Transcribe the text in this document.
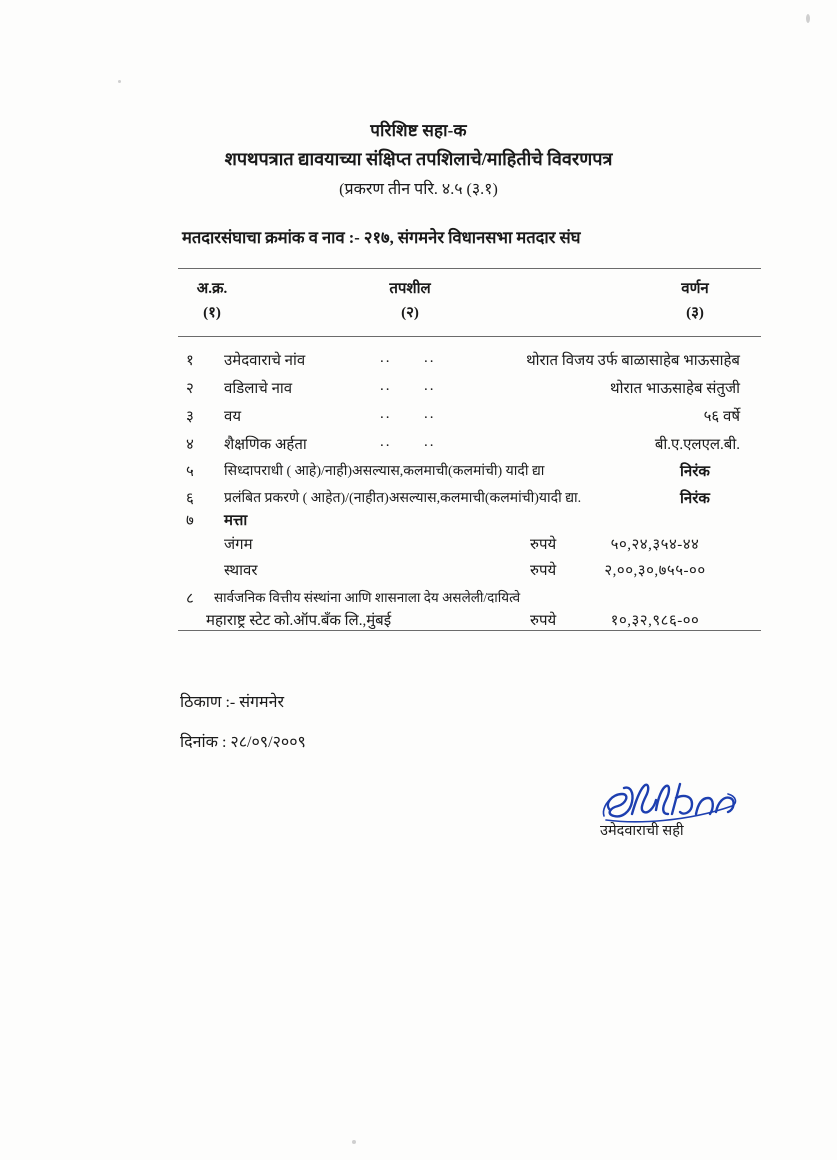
परिशिष्ट सहा-क
शपथपत्रात द्यावयाच्या संक्षिप्त तपशिलाचे/माहितीचे विवरणपत्र
(प्रकरण तीन परि. ४.५ (३.१)
मतदारसंघाचा क्रमांक व नाव :- २१७, संगमनेर विधानसभा मतदार संघ
अ.क्र.
(१)
तपशील
(२)
वर्णन
(३)
१ उमेदवाराचे नांव	.. ..	थोरात विजय उर्फ बाळासाहेब भाऊसाहेब
२ वडिलाचे नाव	.. ..	थोरात भाऊसाहेब संतुजी
३ वय	.. ..	५६ वर्षे
४ शैक्षणिक अर्हता	.. ..	बी.ए.एलएल.बी.
५ सिध्दापराधी ( आहे)/नाही)असल्यास,कलमाची(कलमांची) यादी द्या	निरंक
६ प्रलंबित प्रकरणे ( आहेत)/(नाहीत)असल्यास,कलमाची(कलमांची)यादी द्या.	निरंक
७ मत्ता
जंगम	रुपये	५०,२४,३५४-४४
स्थावर	रुपये	२,००,३०,७५५-००
८ सार्वजनिक वित्तीय संस्थांना आणि शासनाला देय असलेली/दायित्वे
महाराष्ट्र स्टेट को.ऑप.बँक लि.,मुंबई	रुपये	१०,३२,९८६-००
ठिकाण :- संगमनेर
दिनांक : २८/०९/२००९
उमेदवाराची सही
